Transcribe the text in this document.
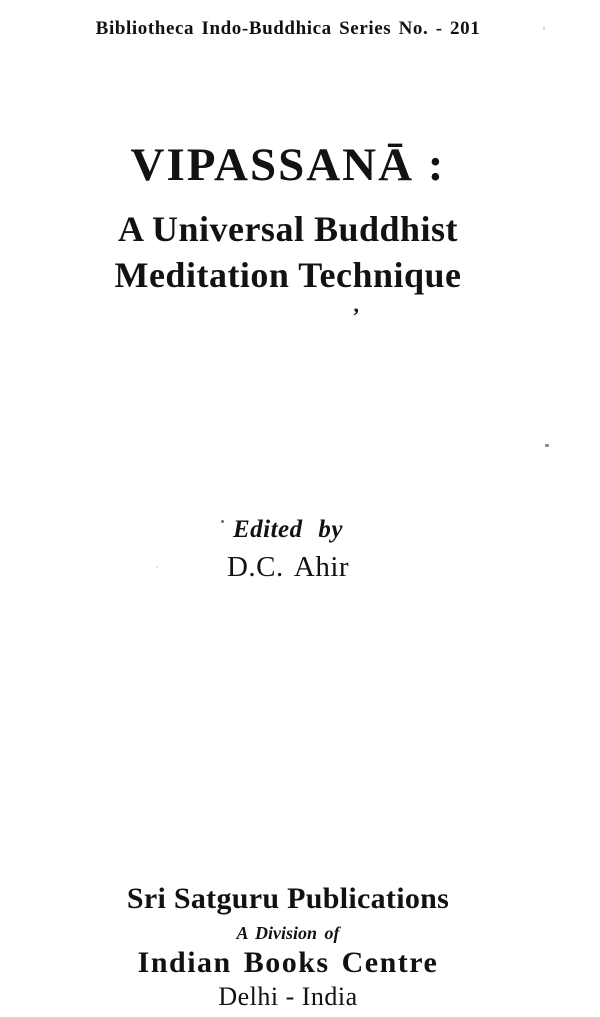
Bibliotheca Indo-Buddhica Series No. - 201
VIPASSANĀ :
A Universal Buddhist
Meditation Technique
’
Edited by
D.C. Ahir
Sri Satguru Publications
A Division of
Indian Books Centre
Delhi - India
